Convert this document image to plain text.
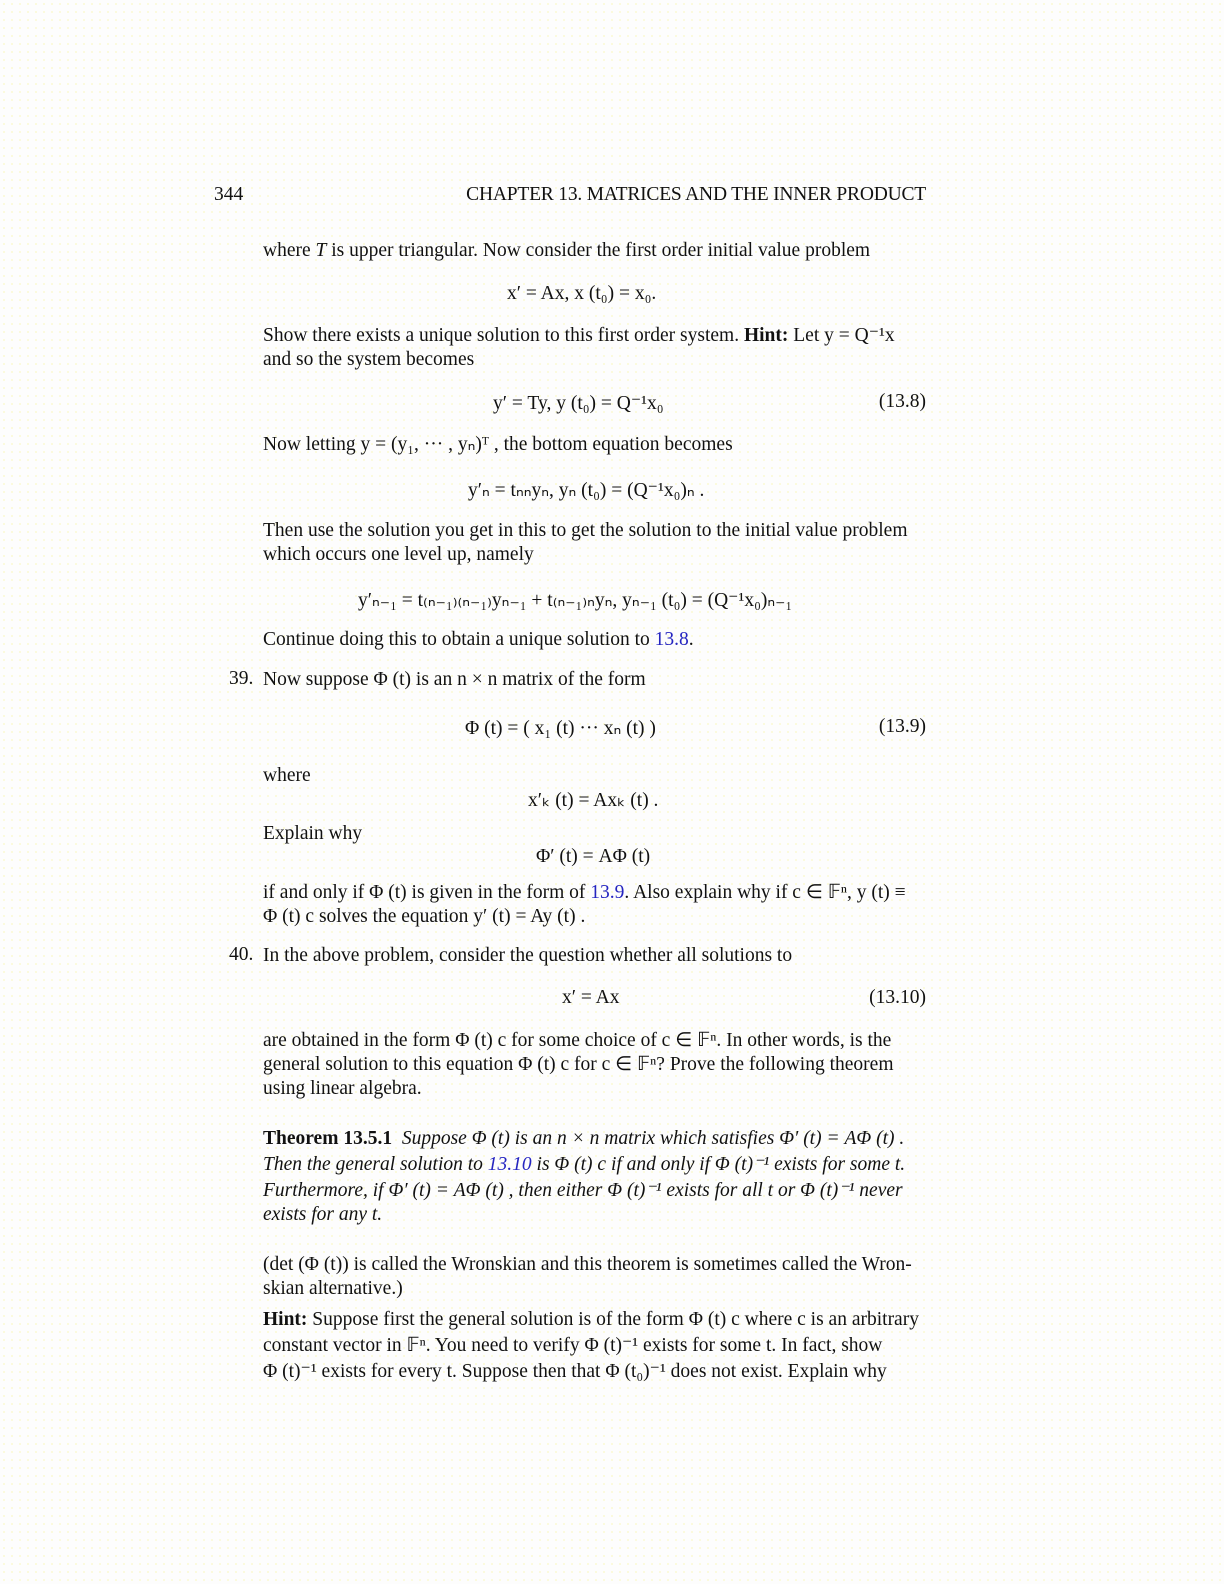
344	CHAPTER 13. MATRICES AND THE INNER PRODUCT
where T is upper triangular. Now consider the first order initial value problem
x′ = Ax, x (t₀) = x₀.
Show there exists a unique solution to this first order system. Hint: Let y = Q⁻¹x
and so the system becomes
y′ = Ty, y (t₀) = Q⁻¹x₀	(13.8)
Now letting y = (y₁, ··· , yₙ)ᵀ , the bottom equation becomes
y′ₙ = tₙₙyₙ, yₙ (t₀) = (Q⁻¹x₀)ₙ .
Then use the solution you get in this to get the solution to the initial value problem
which occurs one level up, namely
y′ₙ₋₁ = t₍ₙ₋₁₎₍ₙ₋₁₎yₙ₋₁ + t₍ₙ₋₁₎ₙyₙ, yₙ₋₁ (t₀) = (Q⁻¹x₀)ₙ₋₁
Continue doing this to obtain a unique solution to 13.8.
39. Now suppose Φ (t) is an n × n matrix of the form
Φ (t) = ( x₁ (t) ··· xₙ (t) )	(13.9)
where
x′ₖ (t) = Axₖ (t) .
Explain why
Φ′ (t) = AΦ (t)
if and only if Φ (t) is given in the form of 13.9. Also explain why if c ∈ 𝔽ⁿ, y (t) ≡
Φ (t) c solves the equation y′ (t) = Ay (t) .
40. In the above problem, consider the question whether all solutions to
x′ = Ax	(13.10)
are obtained in the form Φ (t) c for some choice of c ∈ 𝔽ⁿ. In other words, is the
general solution to this equation Φ (t) c for c ∈ 𝔽ⁿ? Prove the following theorem
using linear algebra.
Theorem 13.5.1 Suppose Φ (t) is an n × n matrix which satisfies Φ′ (t) = AΦ (t) .
Then the general solution to 13.10 is Φ (t) c if and only if Φ (t)⁻¹ exists for some t.
Furthermore, if Φ′ (t) = AΦ (t) , then either Φ (t)⁻¹ exists for all t or Φ (t)⁻¹ never
exists for any t.
(det (Φ (t)) is called the Wronskian and this theorem is sometimes called the Wron-
skian alternative.)
Hint: Suppose first the general solution is of the form Φ (t) c where c is an arbitrary
constant vector in 𝔽ⁿ. You need to verify Φ (t)⁻¹ exists for some t. In fact, show
Φ (t)⁻¹ exists for every t. Suppose then that Φ (t₀)⁻¹ does not exist. Explain why
